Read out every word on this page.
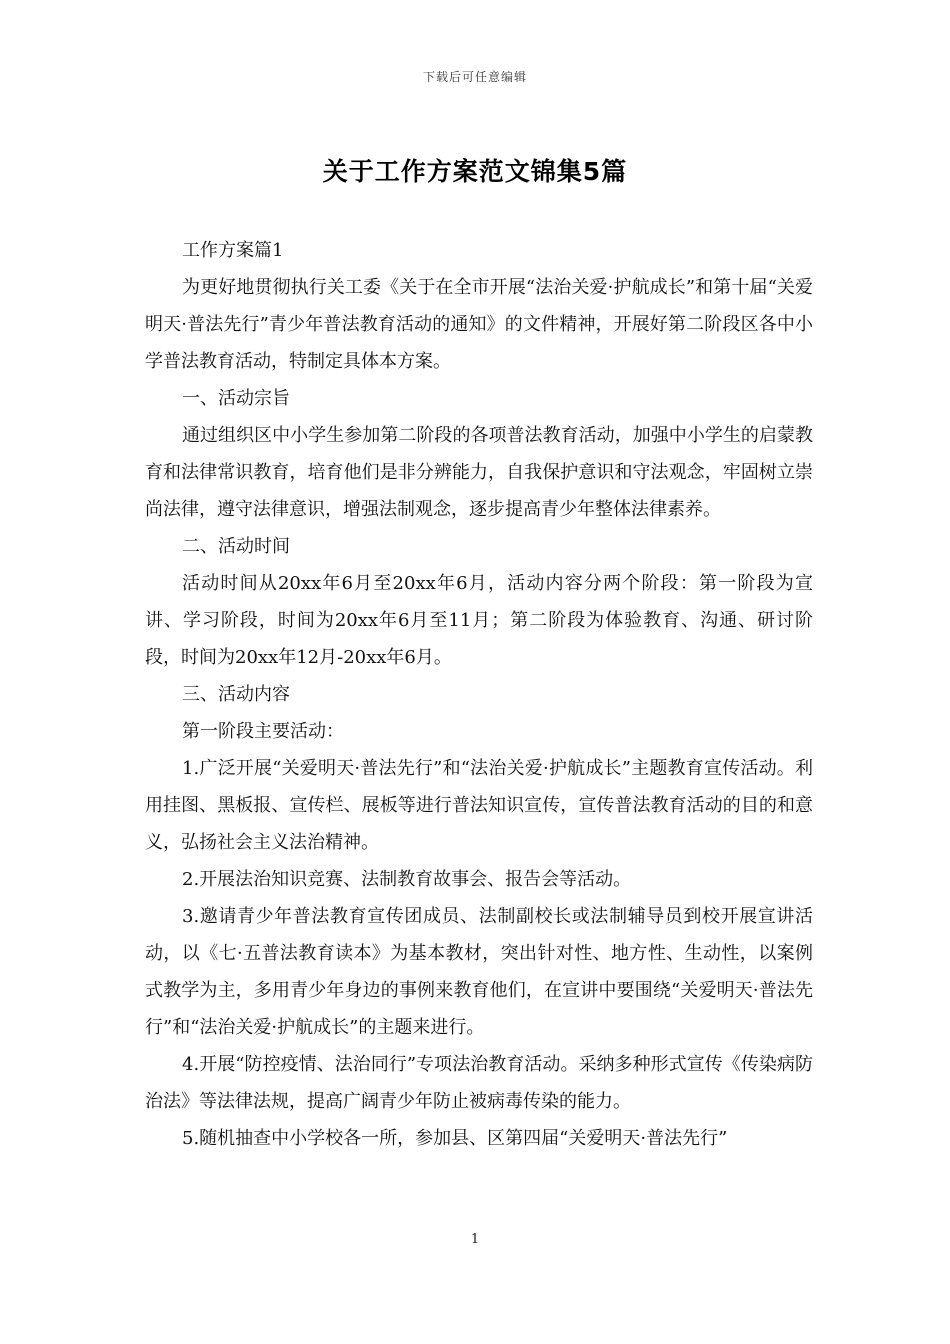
下载后可任意编辑
关于工作方案范文锦集5篇

工作方案篇1

为更好地贯彻执行关工委《关于在全市开展“法治关爱·护航成长”和第十届“关爱明天·普法先行”青少年普法教育活动的通知》的文件精神，开展好第二阶段区各中小学普法教育活动，特制定具体本方案。

一、活动宗旨

通过组织区中小学生参加第二阶段的各项普法教育活动，加强中小学生的启蒙教育和法律常识教育，培育他们是非分辨能力，自我保护意识和守法观念，牢固树立崇尚法律，遵守法律意识，增强法制观念，逐步提高青少年整体法律素养。

二、活动时间

活动时间从20xx年6月至20xx年6月，活动内容分两个阶段：第一阶段为宣讲、学习阶段，时间为20xx年6月至11月；第二阶段为体验教育、沟通、研讨阶段，时间为20xx年12月-20xx年6月。

三、活动内容

第一阶段主要活动：

1.广泛开展“关爱明天·普法先行”和“法治关爱·护航成长”主题教育宣传活动。利用挂图、黑板报、宣传栏、展板等进行普法知识宣传，宣传普法教育活动的目的和意义，弘扬社会主义法治精神。

2.开展法治知识竞赛、法制教育故事会、报告会等活动。

3.邀请青少年普法教育宣传团成员、法制副校长或法制辅导员到校开展宣讲活动，以《七·五普法教育读本》为基本教材，突出针对性、地方性、生动性，以案例式教学为主，多用青少年身边的事例来教育他们，在宣讲中要围绕“关爱明天·普法先行”和“法治关爱·护航成长”的主题来进行。

4.开展“防控疫情、法治同行”专项法治教育活动。采纳多种形式宣传《传染病防治法》等法律法规，提高广阔青少年防止被病毒传染的能力。

5.随机抽查中小学校各一所，参加县、区第四届“关爱明天·普法先行”

1
